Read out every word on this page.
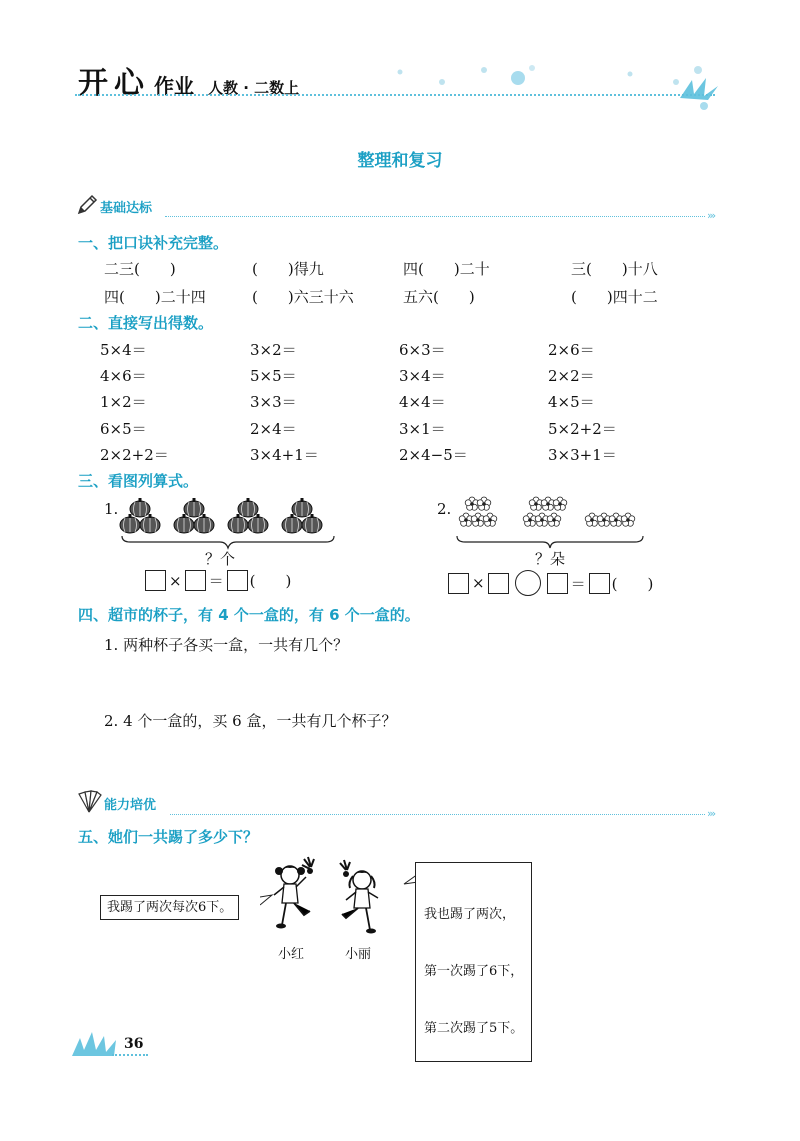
开 心 作业 人教 · 二数上
整理和复习
基础达标	›››
一、把口诀补充完整。
二三(　　)	(　　)得九	四(　　)二十	三(　　)十八
四(　　)二十四	(　　)六三十六	五六(　　)	(　　)四十二
二、直接写出得数。
5×4＝	3×2＝	6×3＝	2×6＝
4×6＝	5×5＝	3×4＝	2×2＝
1×2＝	3×3＝	4×4＝	4×5＝
6×5＝	2×4＝	3×1＝	5×2+2＝
2×2+2＝	3×4+1＝	2×4−5＝	3×3+1＝
三、看图列算式。
1.
？个
× ＝ (　　)
2.
？朵
×	＝ (　　)
四、超市的杯子，有 4 个一盒的，有 6 个一盒的。
1. 两种杯子各买一盒，一共有几个？
2. 4 个一盒的，买 6 盒，一共有几个杯子？
能力培优
›››
五、她们一共踢了多少下？
我踢了两次每次6下。
小红	小丽

我也踢了两次，

第一次踢了6下，

第二次踢了5下。

36
